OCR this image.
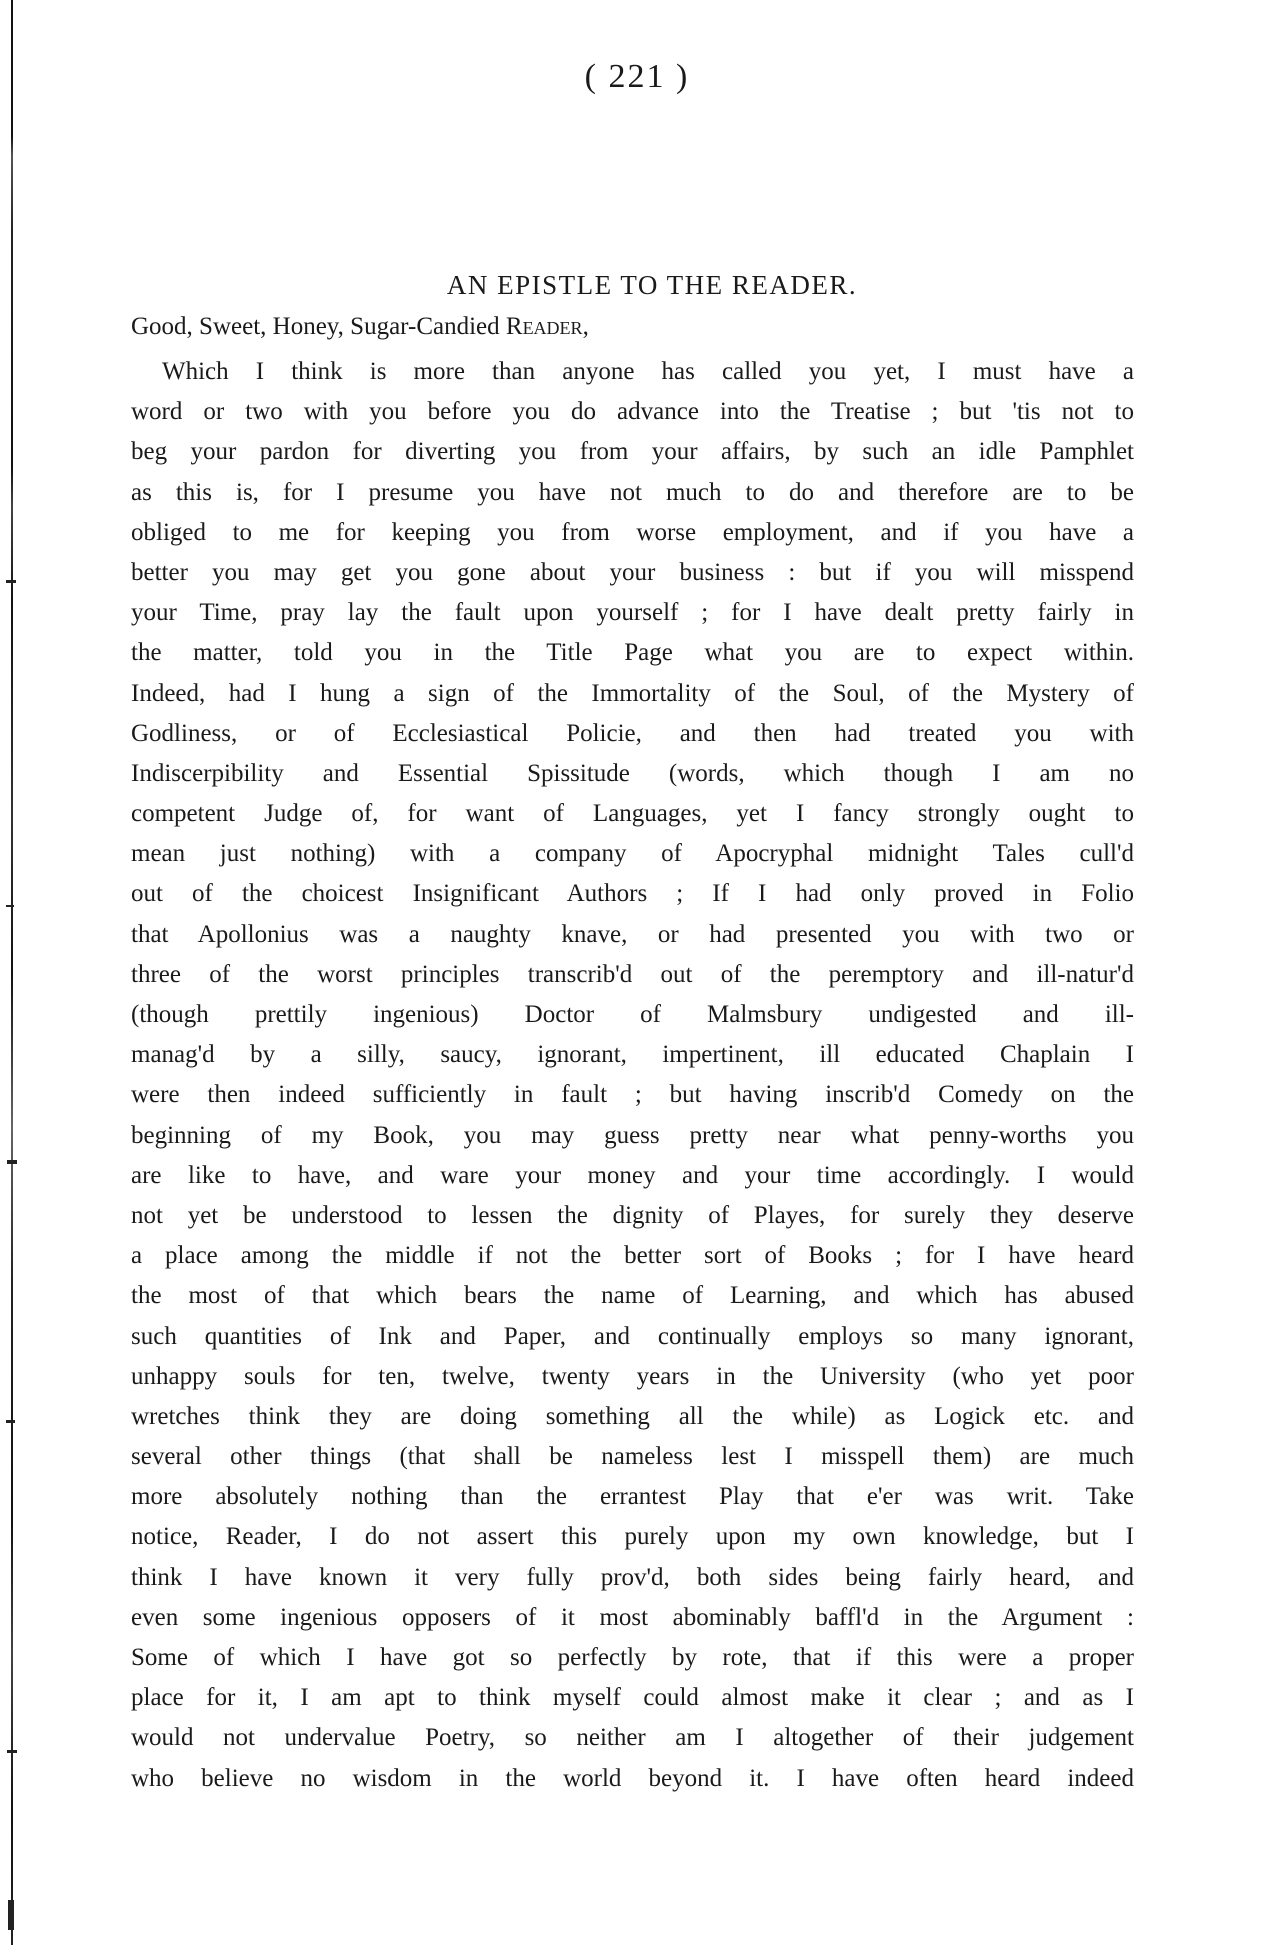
( 221 )
AN EPISTLE TO THE READER.
Good, Sweet, Honey, Sugar-Candied Reader,
Which I think is more than anyone has called you yet, I must have a
word or two with you before you do advance into the Treatise ; but 'tis not to
beg your pardon for diverting you from your affairs, by such an idle Pamphlet
as this is, for I presume you have not much to do and therefore are to be
obliged to me for keeping you from worse employment, and if you have a
better you may get you gone about your business : but if you will misspend
your Time, pray lay the fault upon yourself ; for I have dealt pretty fairly in
the matter, told you in the Title Page what you are to expect within.
Indeed, had I hung a sign of the Immortality of the Soul, of the Mystery of
Godliness, or of Ecclesiastical Policie, and then had treated you with
Indiscerpibility and Essential Spissitude (words, which though I am no
competent Judge of, for want of Languages, yet I fancy strongly ought to
mean just nothing) with a company of Apocryphal midnight Tales cull'd
out of the choicest Insignificant Authors ; If I had only proved in Folio
that Apollonius was a naughty knave, or had presented you with two or
three of the worst principles transcrib'd out of the peremptory and ill-natur'd
(though prettily ingenious) Doctor of Malmsbury undigested and ill-
manag'd by a silly, saucy, ignorant, impertinent, ill educated Chaplain I
were then indeed sufficiently in fault ; but having inscrib'd Comedy on the
beginning of my Book, you may guess pretty near what penny-worths you
are like to have, and ware your money and your time accordingly. I would
not yet be understood to lessen the dignity of Playes, for surely they deserve
a place among the middle if not the better sort of Books ; for I have heard
the most of that which bears the name of Learning, and which has abused
such quantities of Ink and Paper, and continually employs so many ignorant,
unhappy souls for ten, twelve, twenty years in the University (who yet poor
wretches think they are doing something all the while) as Logick etc. and
several other things (that shall be nameless lest I misspell them) are much
more absolutely nothing than the errantest Play that e'er was writ. Take
notice, Reader, I do not assert this purely upon my own knowledge, but I
think I have known it very fully prov'd, both sides being fairly heard, and
even some ingenious opposers of it most abominably baffl'd in the Argument :
Some of which I have got so perfectly by rote, that if this were a proper
place for it, I am apt to think myself could almost make it clear ; and as I
would not undervalue Poetry, so neither am I altogether of their judgement
who believe no wisdom in the world beyond it. I have often heard indeed
